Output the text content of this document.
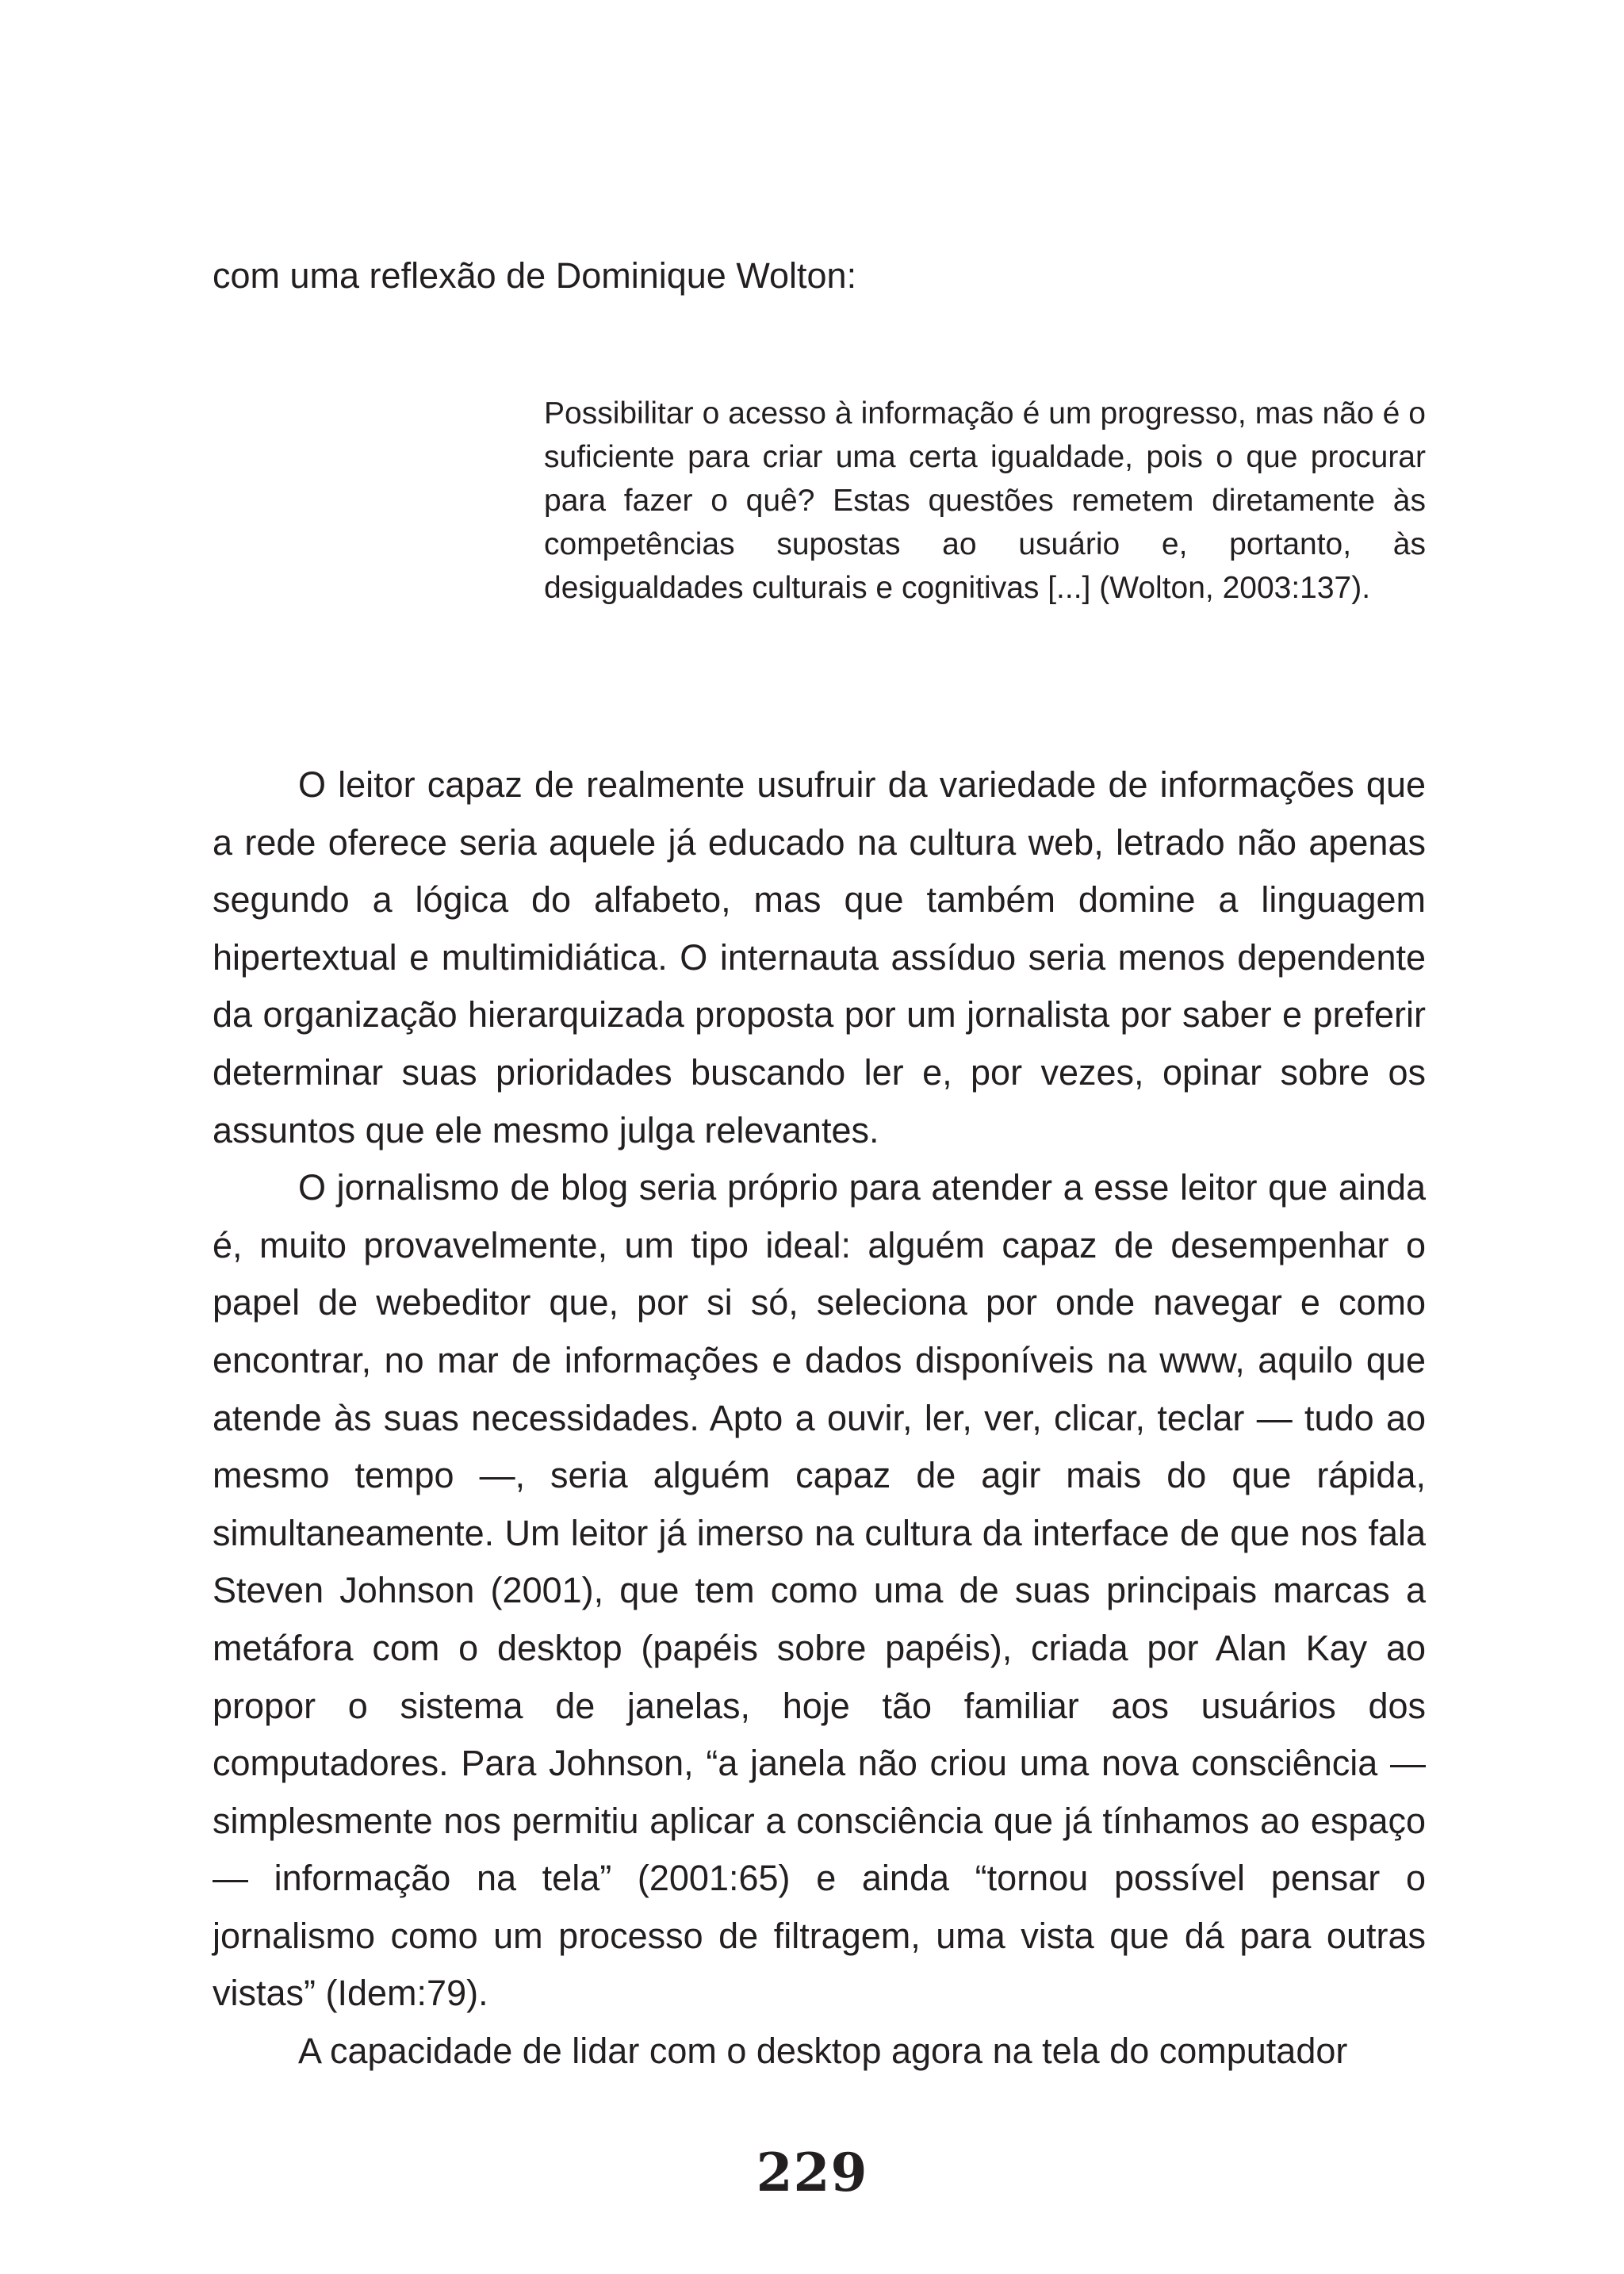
com uma reflexão de Dominique Wolton:

Possibilitar o acesso à informação é um progresso, mas não é o suficiente para criar uma certa igualdade, pois o que procurar para fazer o quê? Estas questões remetem diretamente às competências supostas ao usuário e, portanto, às desigualdades culturais e cognitivas [...] (Wolton, 2003:137).

O leitor capaz de realmente usufruir da variedade de informações que a rede oferece seria aquele já educado na cultura web, letrado não apenas segundo a lógica do alfabeto, mas que também domine a linguagem hipertextual e multimidiática. O internauta assíduo seria menos dependente da organização hierarquizada proposta por um jornalista por saber e preferir determinar suas prioridades buscando ler e, por vezes, opinar sobre os assuntos que ele mesmo julga relevantes.

O jornalismo de blog seria próprio para atender a esse leitor que ainda é, muito provavelmente, um tipo ideal: alguém capaz de desempenhar o papel de webeditor que, por si só, seleciona por onde navegar e como encontrar, no mar de informações e dados disponíveis na www, aquilo que atende às suas necessidades. Apto a ouvir, ler, ver, clicar, teclar — tudo ao mesmo tempo —, seria alguém capaz de agir mais do que rápida, simultaneamente. Um leitor já imerso na cultura da interface de que nos fala Steven Johnson (2001), que tem como uma de suas principais marcas a metáfora com o desktop (papéis sobre papéis), criada por Alan Kay ao propor o sistema de janelas, hoje tão familiar aos usuários dos computadores. Para Johnson, “a janela não criou uma nova consciência — simplesmente nos permitiu aplicar a consciência que já tínhamos ao espaço — informação na tela” (2001:65) e ainda “tornou possível pensar o jornalismo como um processo de filtragem, uma vista que dá para outras vistas” (Idem:79).

A capacidade de lidar com o desktop agora na tela do computador

229
